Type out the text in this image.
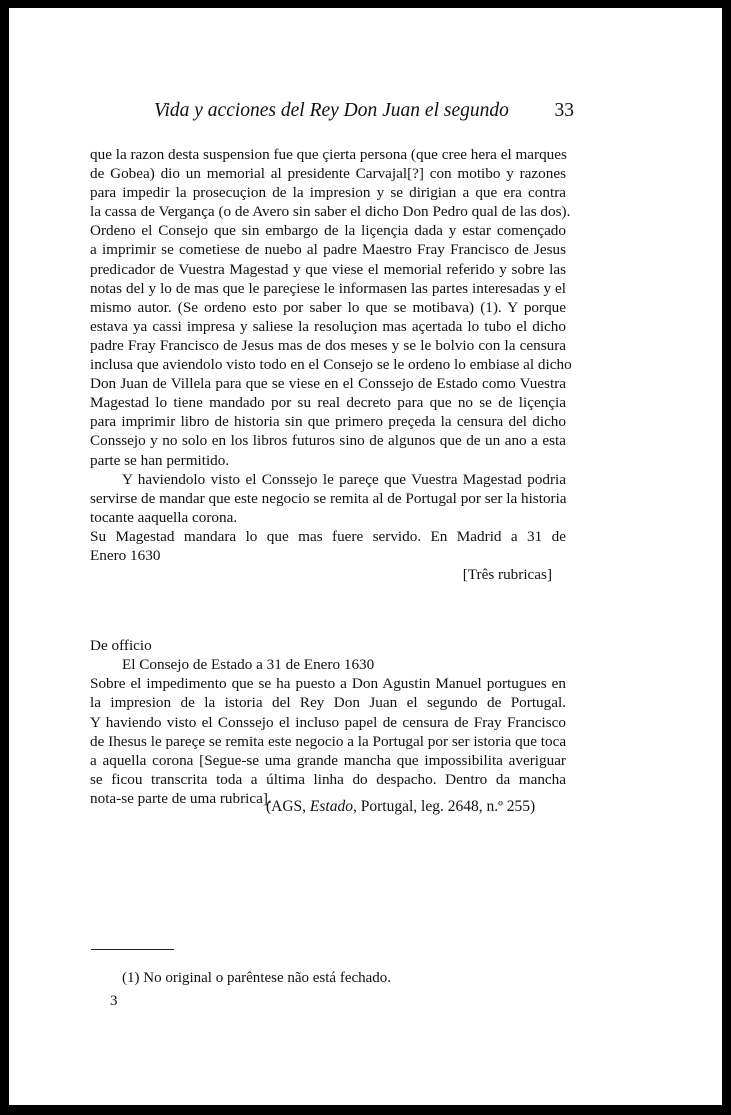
Vida y acciones del Rey Don Juan el segundo 33
que la razon desta suspension fue que çierta persona (que cree hera el marques
de Gobea) dio un memorial al presidente Carvajal[?] con motibo y razones
para impedir la prosecuçion de la impresion y se dirigian a que era contra
la cassa de Vergança (o de Avero sin saber el dicho Don Pedro qual de las dos).
Ordeno el Consejo que sin embargo de la liçençia dada y estar començado
a imprimir se cometiese de nuebo al padre Maestro Fray Francisco de Jesus
predicador de Vuestra Magestad y que viese el memorial referido y sobre las
notas del y lo de mas que le pareçiese le informasen las partes interesadas y el
mismo autor. (Se ordeno esto por saber lo que se motibava) (1). Y porque
estava ya cassi impresa y saliese la resoluçion mas açertada lo tubo el dicho
padre Fray Francisco de Jesus mas de dos meses y se le bolvio con la censura
inclusa que aviendolo visto todo en el Consejo se le ordeno lo embiase al dicho
Don Juan de Villela para que se viese en el Conssejo de Estado como Vuestra
Magestad lo tiene mandado por su real decreto para que no se de liçençia
para imprimir libro de historia sin que primero preçeda la censura del dicho
Conssejo y no solo en los libros futuros sino de algunos que de un ano a esta
parte se han permitido.
Y haviendolo visto el Conssejo le pareçe que Vuestra Magestad podria
servirse de mandar que este negocio se remita al de Portugal por ser la historia
tocante aaquella corona.
Su Magestad mandara lo que mas fuere servido. En Madrid a 31 de
Enero 1630
[Três rubricas]
De officio
El Consejo de Estado a 31 de Enero 1630
Sobre el impedimento que se ha puesto a Don Agustin Manuel portugues en
la impresion de la istoria del Rey Don Juan el segundo de Portugal.
Y haviendo visto el Conssejo el incluso papel de censura de Fray Francisco
de Ihesus le pareçe se remita este negocio a la Portugal por ser istoria que toca
a aquella corona [Segue-se uma grande mancha que impossibilita averiguar
se ficou transcrita toda a última linha do despacho. Dentro da mancha
nota-se parte de uma rubrica].
(AGS, Estado, Portugal, leg. 2648, n.º 255)
(1) No original o parêntese não está fechado.
3
